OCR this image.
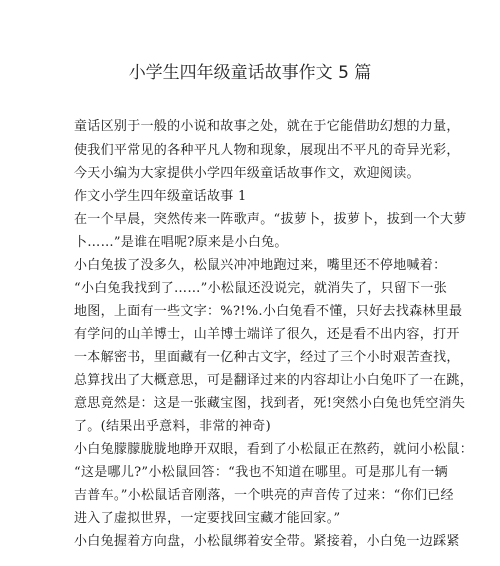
小学生四年级童话故事作文 5 篇
童话区别于一般的小说和故事之处，就在于它能借助幻想的力量，
使我们平常见的各种平凡人物和现象，展现出不平凡的奇异光彩，
今天小编为大家提供小学四年级童话故事作文，欢迎阅读。
作文小学生四年级童话故事 1
在一个早晨，突然传来一阵歌声。“拔萝卜，拔萝卜，拔到一个大萝
卜……”是谁在唱呢?原来是小白兔。
小白兔拔了没多久，松鼠兴冲冲地跑过来，嘴里还不停地喊着：
“小白兔我找到了……”小松鼠还没说完，就消失了，只留下一张
地图，上面有一些文字：%?!%.小白兔看不懂，只好去找森林里最
有学问的山羊博士，山羊博士端详了很久，还是看不出内容，打开
一本解密书，里面藏有一亿种古文字，经过了三个小时艰苦查找，
总算找出了大概意思，可是翻译过来的内容却让小白兔吓了一在跳，
意思竟然是：这是一张藏宝图，找到者，死!突然小白兔也凭空消失
了。(结果出乎意料，非常的神奇)
小白兔朦朦胧胧地睁开双眼，看到了小松鼠正在熬药，就问小松鼠：
“这是哪儿?”小松鼠回答：“我也不知道在哪里。可是那儿有一辆
吉普车。”小松鼠话音刚落，一个哄亮的声音传了过来：“你们已经
进入了虚拟世界，一定要找回宝藏才能回家。”
小白兔握着方向盘，小松鼠绑着安全带。紧接着，小白兔一边踩紧
